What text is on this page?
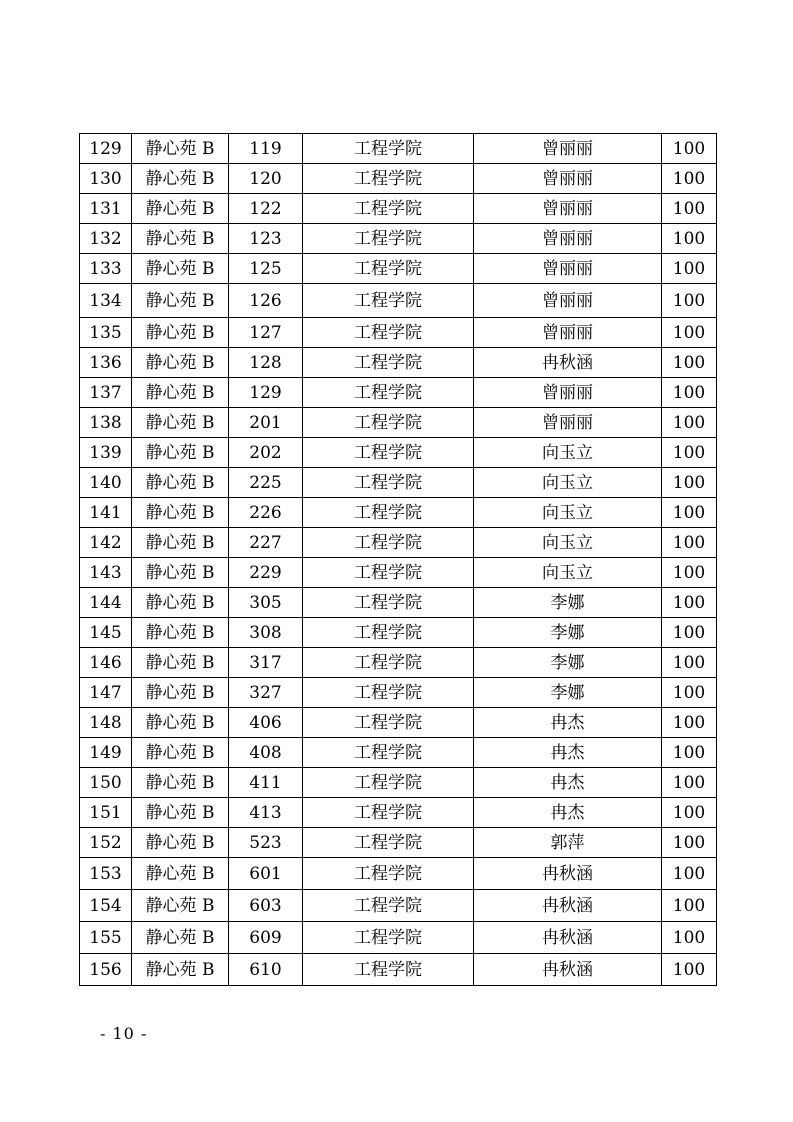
129	静心苑 B	119	工程学院	曾丽丽	100
130	静心苑 B	120	工程学院	曾丽丽	100
131	静心苑 B	122	工程学院	曾丽丽	100
132	静心苑 B	123	工程学院	曾丽丽	100
133	静心苑 B	125	工程学院	曾丽丽	100
134	静心苑 B	126	工程学院	曾丽丽	100
135	静心苑 B	127	工程学院	曾丽丽	100
136	静心苑 B	128	工程学院	冉秋涵	100
137	静心苑 B	129	工程学院	曾丽丽	100
138	静心苑 B	201	工程学院	曾丽丽	100
139	静心苑 B	202	工程学院	向玉立	100
140	静心苑 B	225	工程学院	向玉立	100
141	静心苑 B	226	工程学院	向玉立	100
142	静心苑 B	227	工程学院	向玉立	100
143	静心苑 B	229	工程学院	向玉立	100
144	静心苑 B	305	工程学院	李娜	100
145	静心苑 B	308	工程学院	李娜	100
146	静心苑 B	317	工程学院	李娜	100
147	静心苑 B	327	工程学院	李娜	100
148	静心苑 B	406	工程学院	冉杰	100
149	静心苑 B	408	工程学院	冉杰	100
150	静心苑 B	411	工程学院	冉杰	100
151	静心苑 B	413	工程学院	冉杰	100
152	静心苑 B	523	工程学院	郭萍	100
153	静心苑 B	601	工程学院	冉秋涵	100
154	静心苑 B	603	工程学院	冉秋涵	100
155	静心苑 B	609	工程学院	冉秋涵	100
156	静心苑 B	610	工程学院	冉秋涵	100
- 10 -
